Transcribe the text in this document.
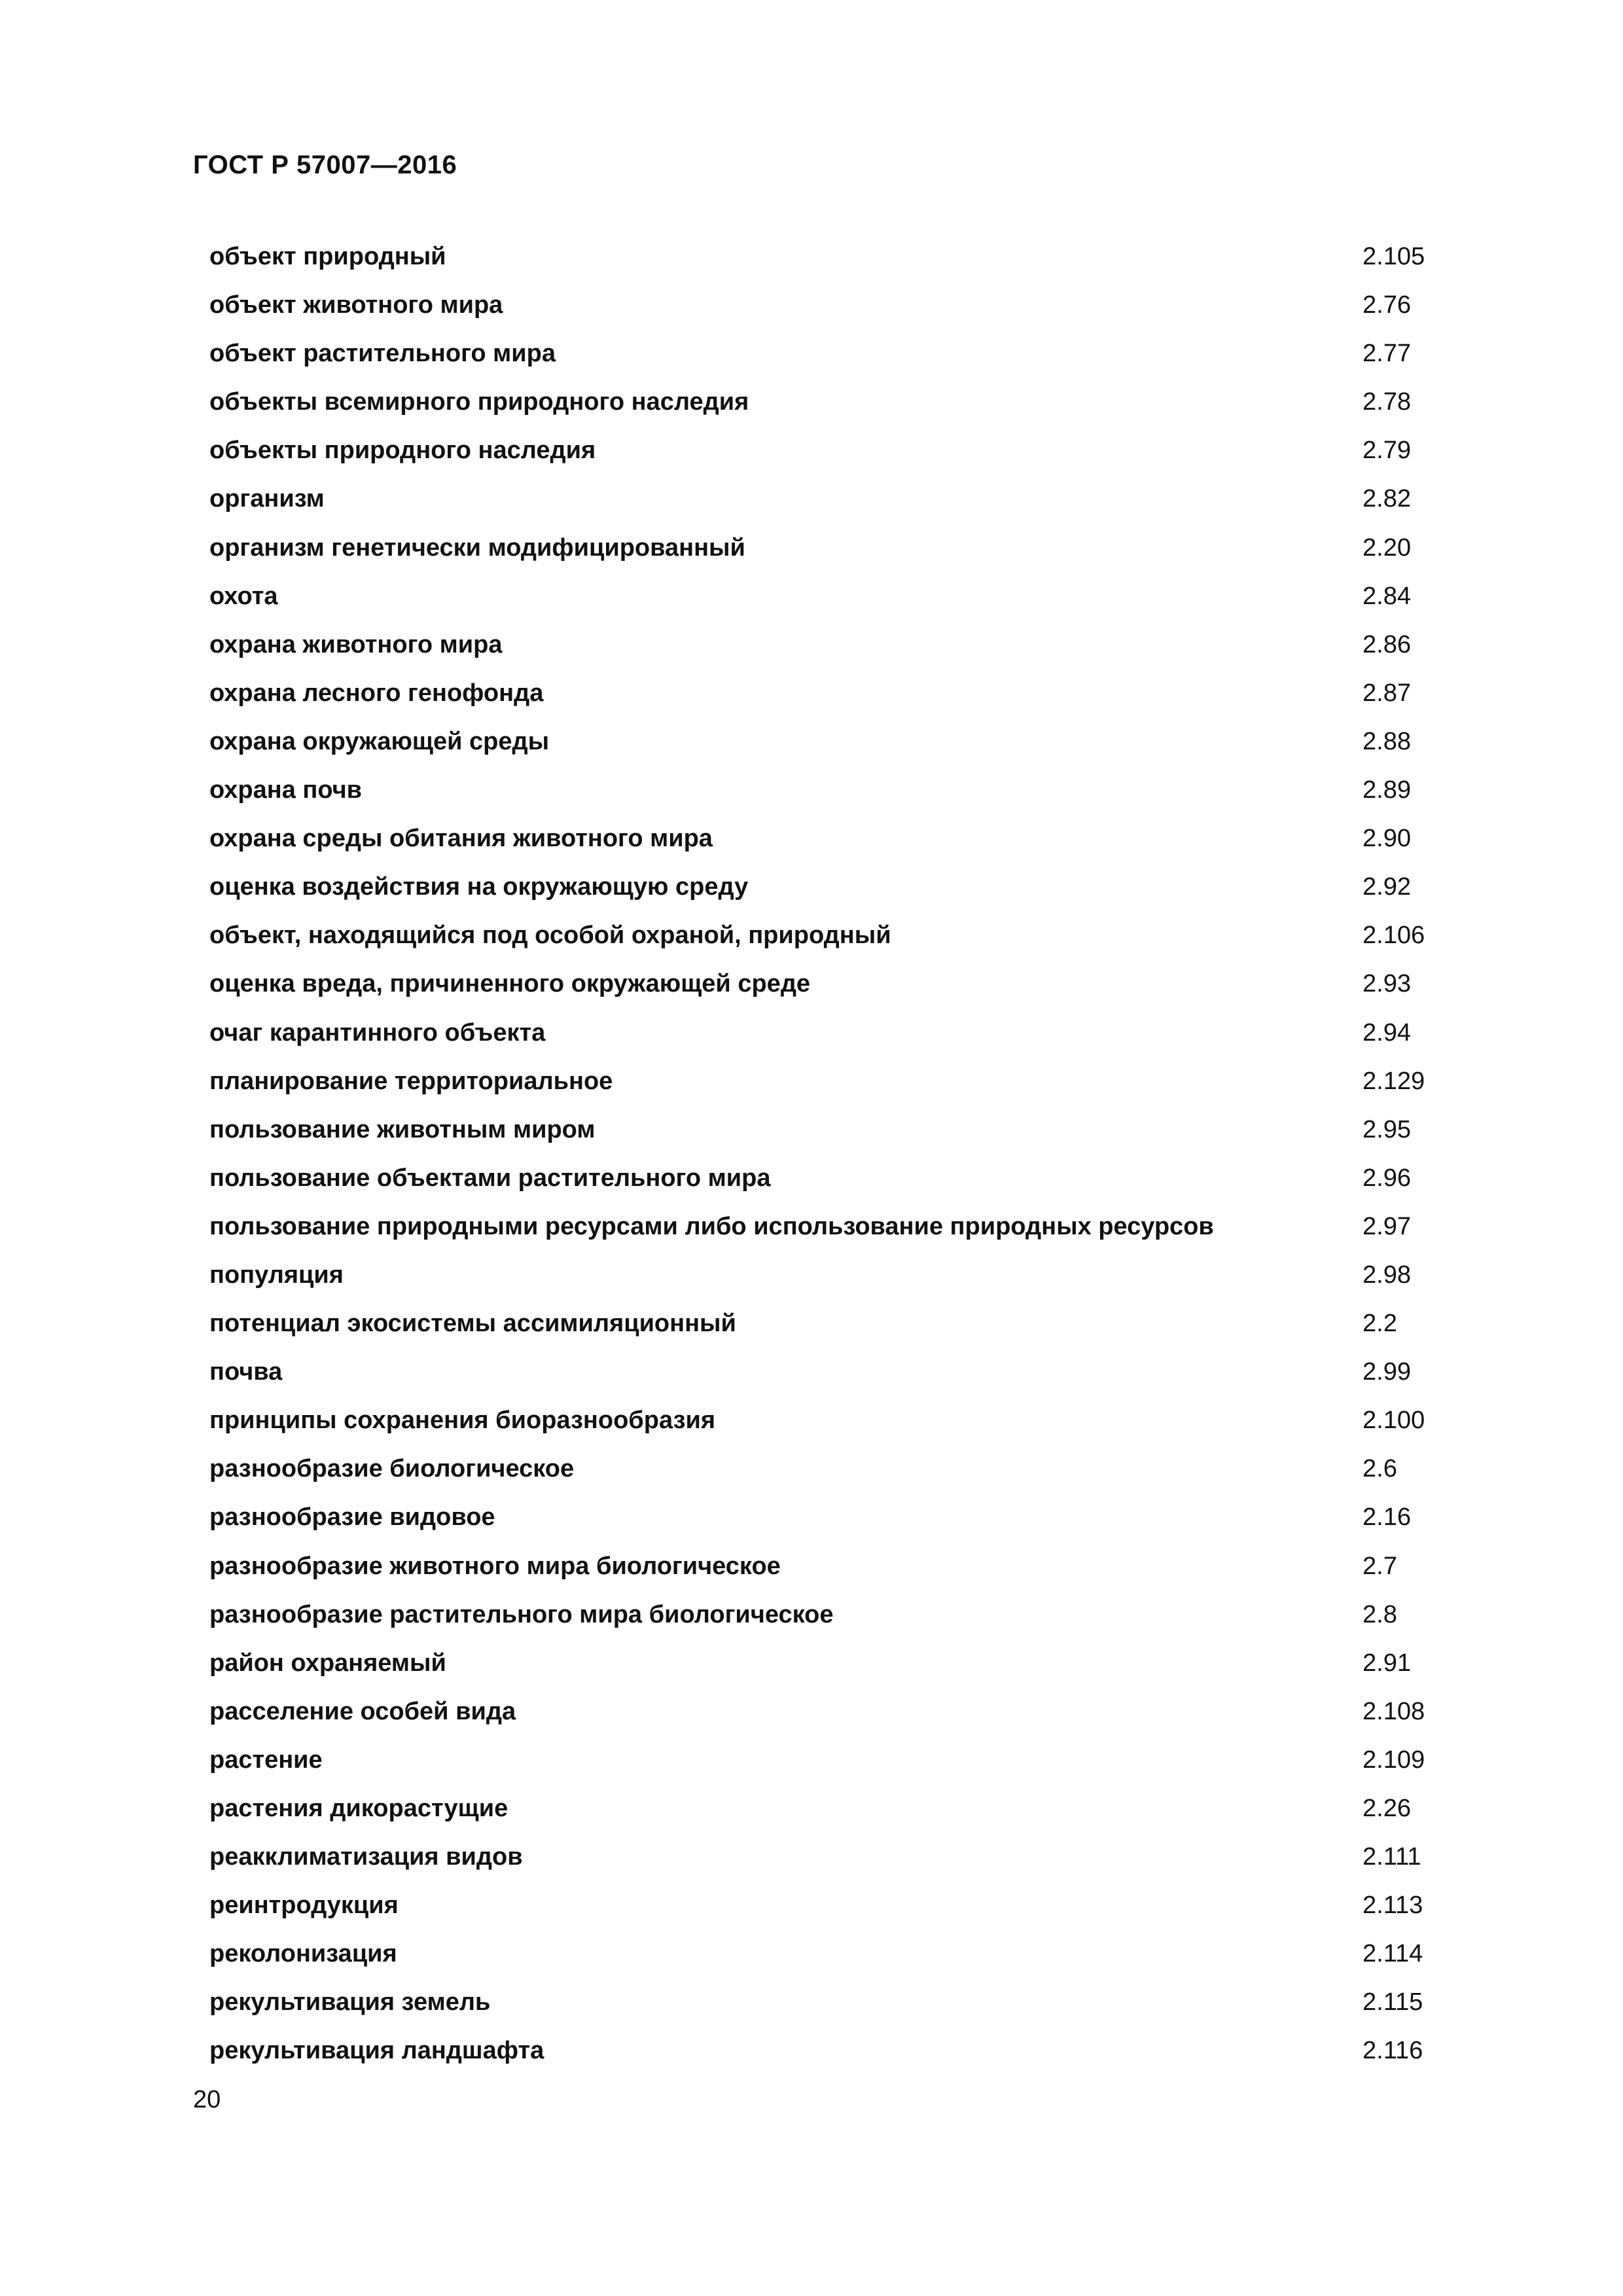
ГОСТ Р 57007—2016
объект природный	2.105
объект животного мира	2.76
объект растительного мира	2.77
объекты всемирного природного наследия	2.78
объекты природного наследия	2.79
организм	2.82
организм генетически модифицированный	2.20
охота	2.84
охрана животного мира	2.86
охрана лесного генофонда	2.87
охрана окружающей среды	2.88
охрана почв	2.89
охрана среды обитания животного мира	2.90
оценка воздействия на окружающую среду	2.92
объект, находящийся под особой охраной, природный	2.106
оценка вреда, причиненного окружающей среде	2.93
очаг карантинного объекта	2.94
планирование территориальное	2.129
пользование животным миром	2.95
пользование объектами растительного мира	2.96
пользование природными ресурсами либо использование природных ресурсов	2.97
популяция	2.98
потенциал экосистемы ассимиляционный	2.2
почва	2.99
принципы сохранения биоразнообразия	2.100
разнообразие биологическое	2.6
разнообразие видовое	2.16
разнообразие животного мира биологическое	2.7
разнообразие растительного мира биологическое	2.8
район охраняемый	2.91
расселение особей вида	2.108
растение	2.109
растения дикорастущие	2.26
реакклиматизация видов	2.111
реинтродукция	2.113
реколонизация	2.114
рекультивация земель	2.115
рекультивация ландшафта	2.116
20
